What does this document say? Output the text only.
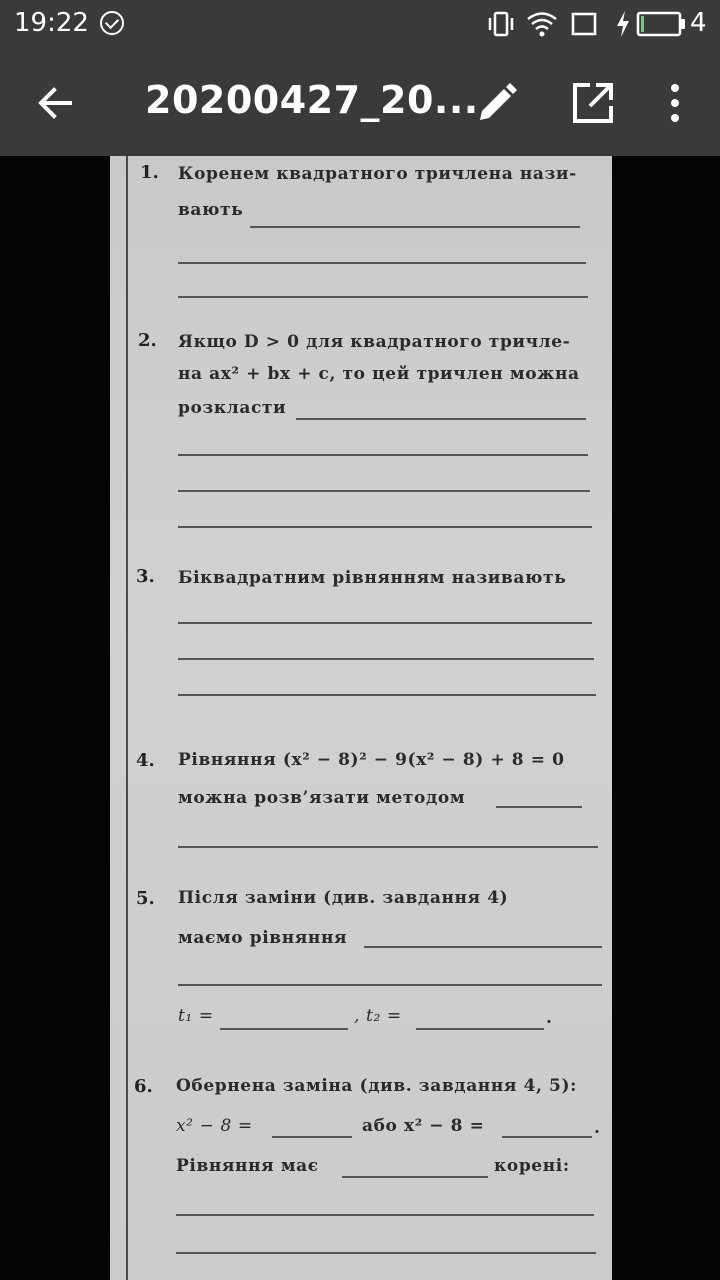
19:22	4
20200427_20...
1. Коренем квадратного тричлена нази-
вають
2. Якщо D > 0 для квадратного тричле-
на ax² + bx + c, то цей тричлен можна
розкласти
3. Біквадратним рівнянням називають
4. Рівняння (x² − 8)² − 9(x² − 8) + 8 = 0
можна розв’язати методом
5. Після заміни (див. завдання 4)
маємо рівняння
t₁ =	, t₂ =	.
6. Обернена заміна (див. завдання 4, 5):
x² − 8 =	або x² − 8 =	.
Рівняння має	корені:
